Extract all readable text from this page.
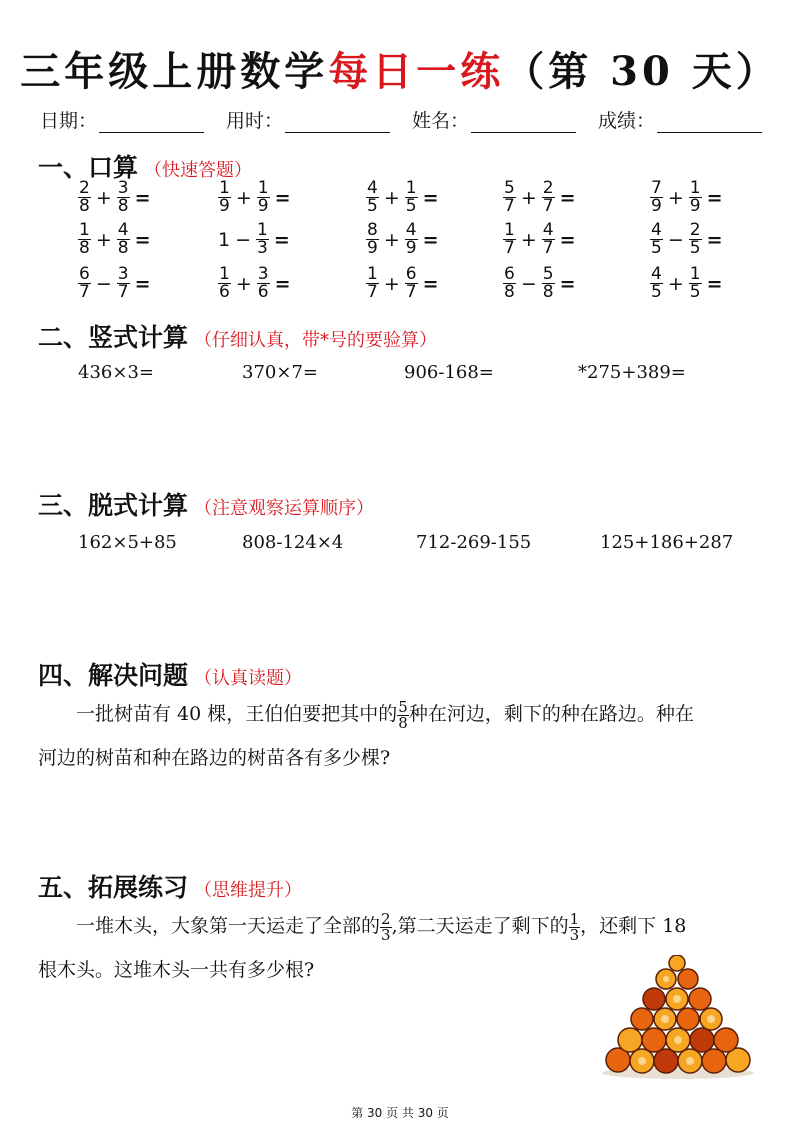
三年级上册数学每日一练（第 30 天）
日期：	用时：	姓名：	成绩：
一、口算 （快速答题）
$\frac{2}{8} + \frac{3}{8}$ =	$\frac{1}{9} + \frac{1}{9}$ =	$\frac{4}{5} + \frac{1}{5}$ =	$\frac{5}{7} + \frac{2}{7}$ =	$\frac{7}{9} + \frac{1}{9}$ =
$\frac{1}{8} + \frac{4}{8}$ =	$1 - \frac{1}{3}$ =	$\frac{8}{9} + \frac{4}{9}$ =	$\frac{1}{7} + \frac{4}{7}$ =	$\frac{4}{5} - \frac{2}{5}$ =
$\frac{6}{7} - \frac{3}{7}$ =	$\frac{1}{6} + \frac{3}{6}$ =	$\frac{1}{7} + \frac{6}{7}$ =	$\frac{6}{8} - \frac{5}{8}$ =	$\frac{4}{5} + \frac{1}{5}$ =
二、竖式计算 （仔细认真，带*号的要验算）
436×3=	370×7=	906-168=	*275+389=
三、脱式计算 （注意观察运算顺序）
162×5+85	808-124×4	712-269-155	125+186+287
四、解决问题 （认真读题）
一批树苗有 40 棵，王伯伯要把其中的 $\frac{5}{8}$ 种在河边，剩下的种在路边。种在
河边的树苗和种在路边的树苗各有多少棵?
五、拓展练习 （思维提升）
一堆木头，大象第一天运走了全部的 $\frac{2}{3}$ ,第二天运走了剩下的 $\frac{1}{3}$ ，还剩下 18
根木头。这堆木头一共有多少根?
第 30 页 共 30 页
